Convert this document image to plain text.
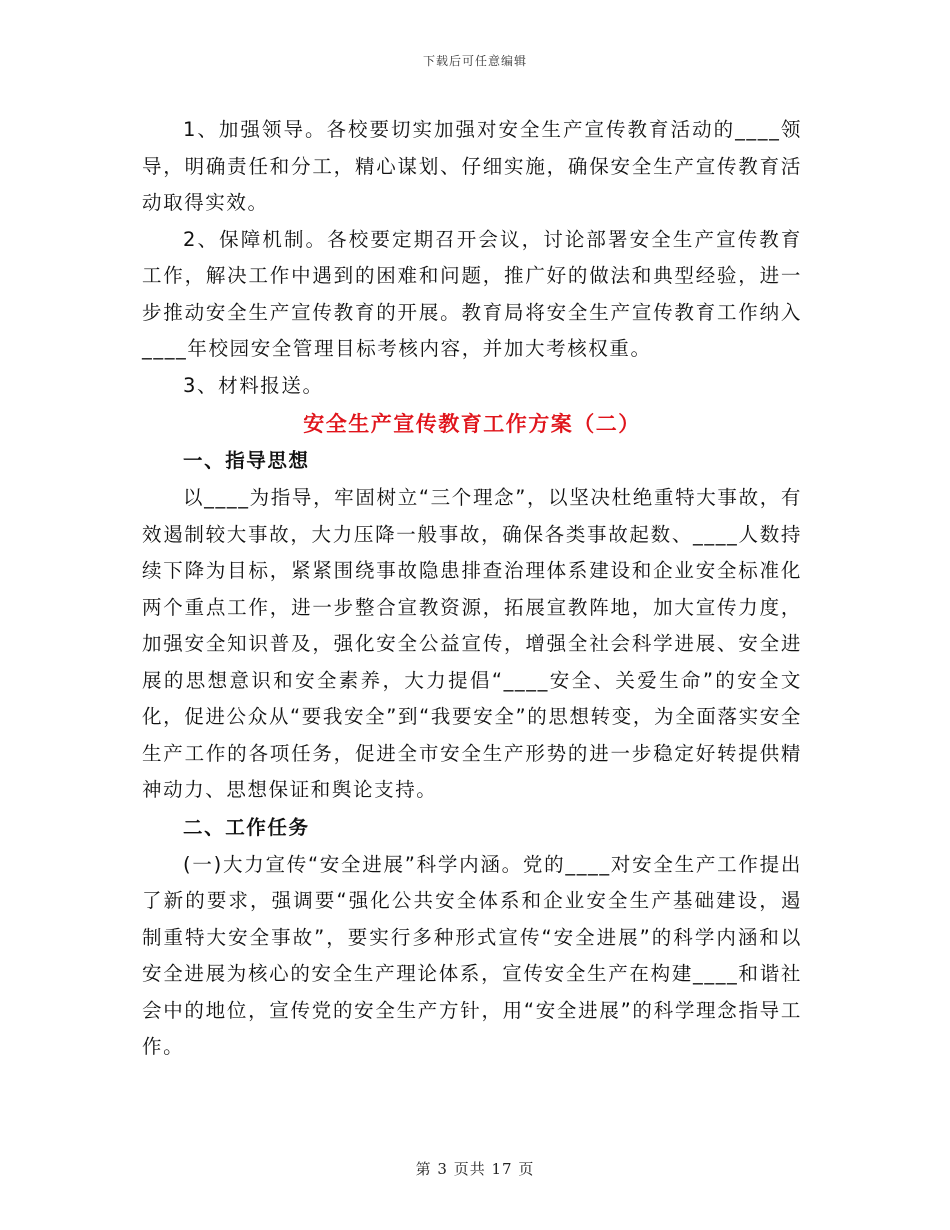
下载后可任意编辑

1、加强领导。各校要切实加强对安全生产宣传教育活动的____领导，明确责任和分工，精心谋划、仔细实施，确保安全生产宣传教育活动取得实效。

2、保障机制。各校要定期召开会议，讨论部署安全生产宣传教育工作，解决工作中遇到的困难和问题，推广好的做法和典型经验，进一步推动安全生产宣传教育的开展。教育局将安全生产宣传教育工作纳入____年校园安全管理目标考核内容，并加大考核权重。

3、材料报送。

安全生产宣传教育工作方案（二）
一、指导思想

以____为指导，牢固树立“三个理念”，以坚决杜绝重特大事故，有效遏制较大事故，大力压降一般事故，确保各类事故起数、____人数持续下降为目标，紧紧围绕事故隐患排查治理体系建设和企业安全标准化两个重点工作，进一步整合宣教资源，拓展宣教阵地，加大宣传力度，加强安全知识普及，强化安全公益宣传，增强全社会科学进展、安全进展的思想意识和安全素养，大力提倡“____安全、关爱生命”的安全文化，促进公众从“要我安全”到“我要安全”的思想转变，为全面落实安全生产工作的各项任务，促进全市安全生产形势的进一步稳定好转提供精神动力、思想保证和舆论支持。

二、工作任务

(一)大力宣传“安全进展”科学内涵。党的____对安全生产工作提出了新的要求，强调要“强化公共安全体系和企业安全生产基础建设，遏制重特大安全事故”，要实行多种形式宣传“安全进展”的科学内涵和以安全进展为核心的安全生产理论体系，宣传安全生产在构建____和谐社会中的地位，宣传党的安全生产方针，用“安全进展”的科学理念指导工作。

第 3 页共 17 页
